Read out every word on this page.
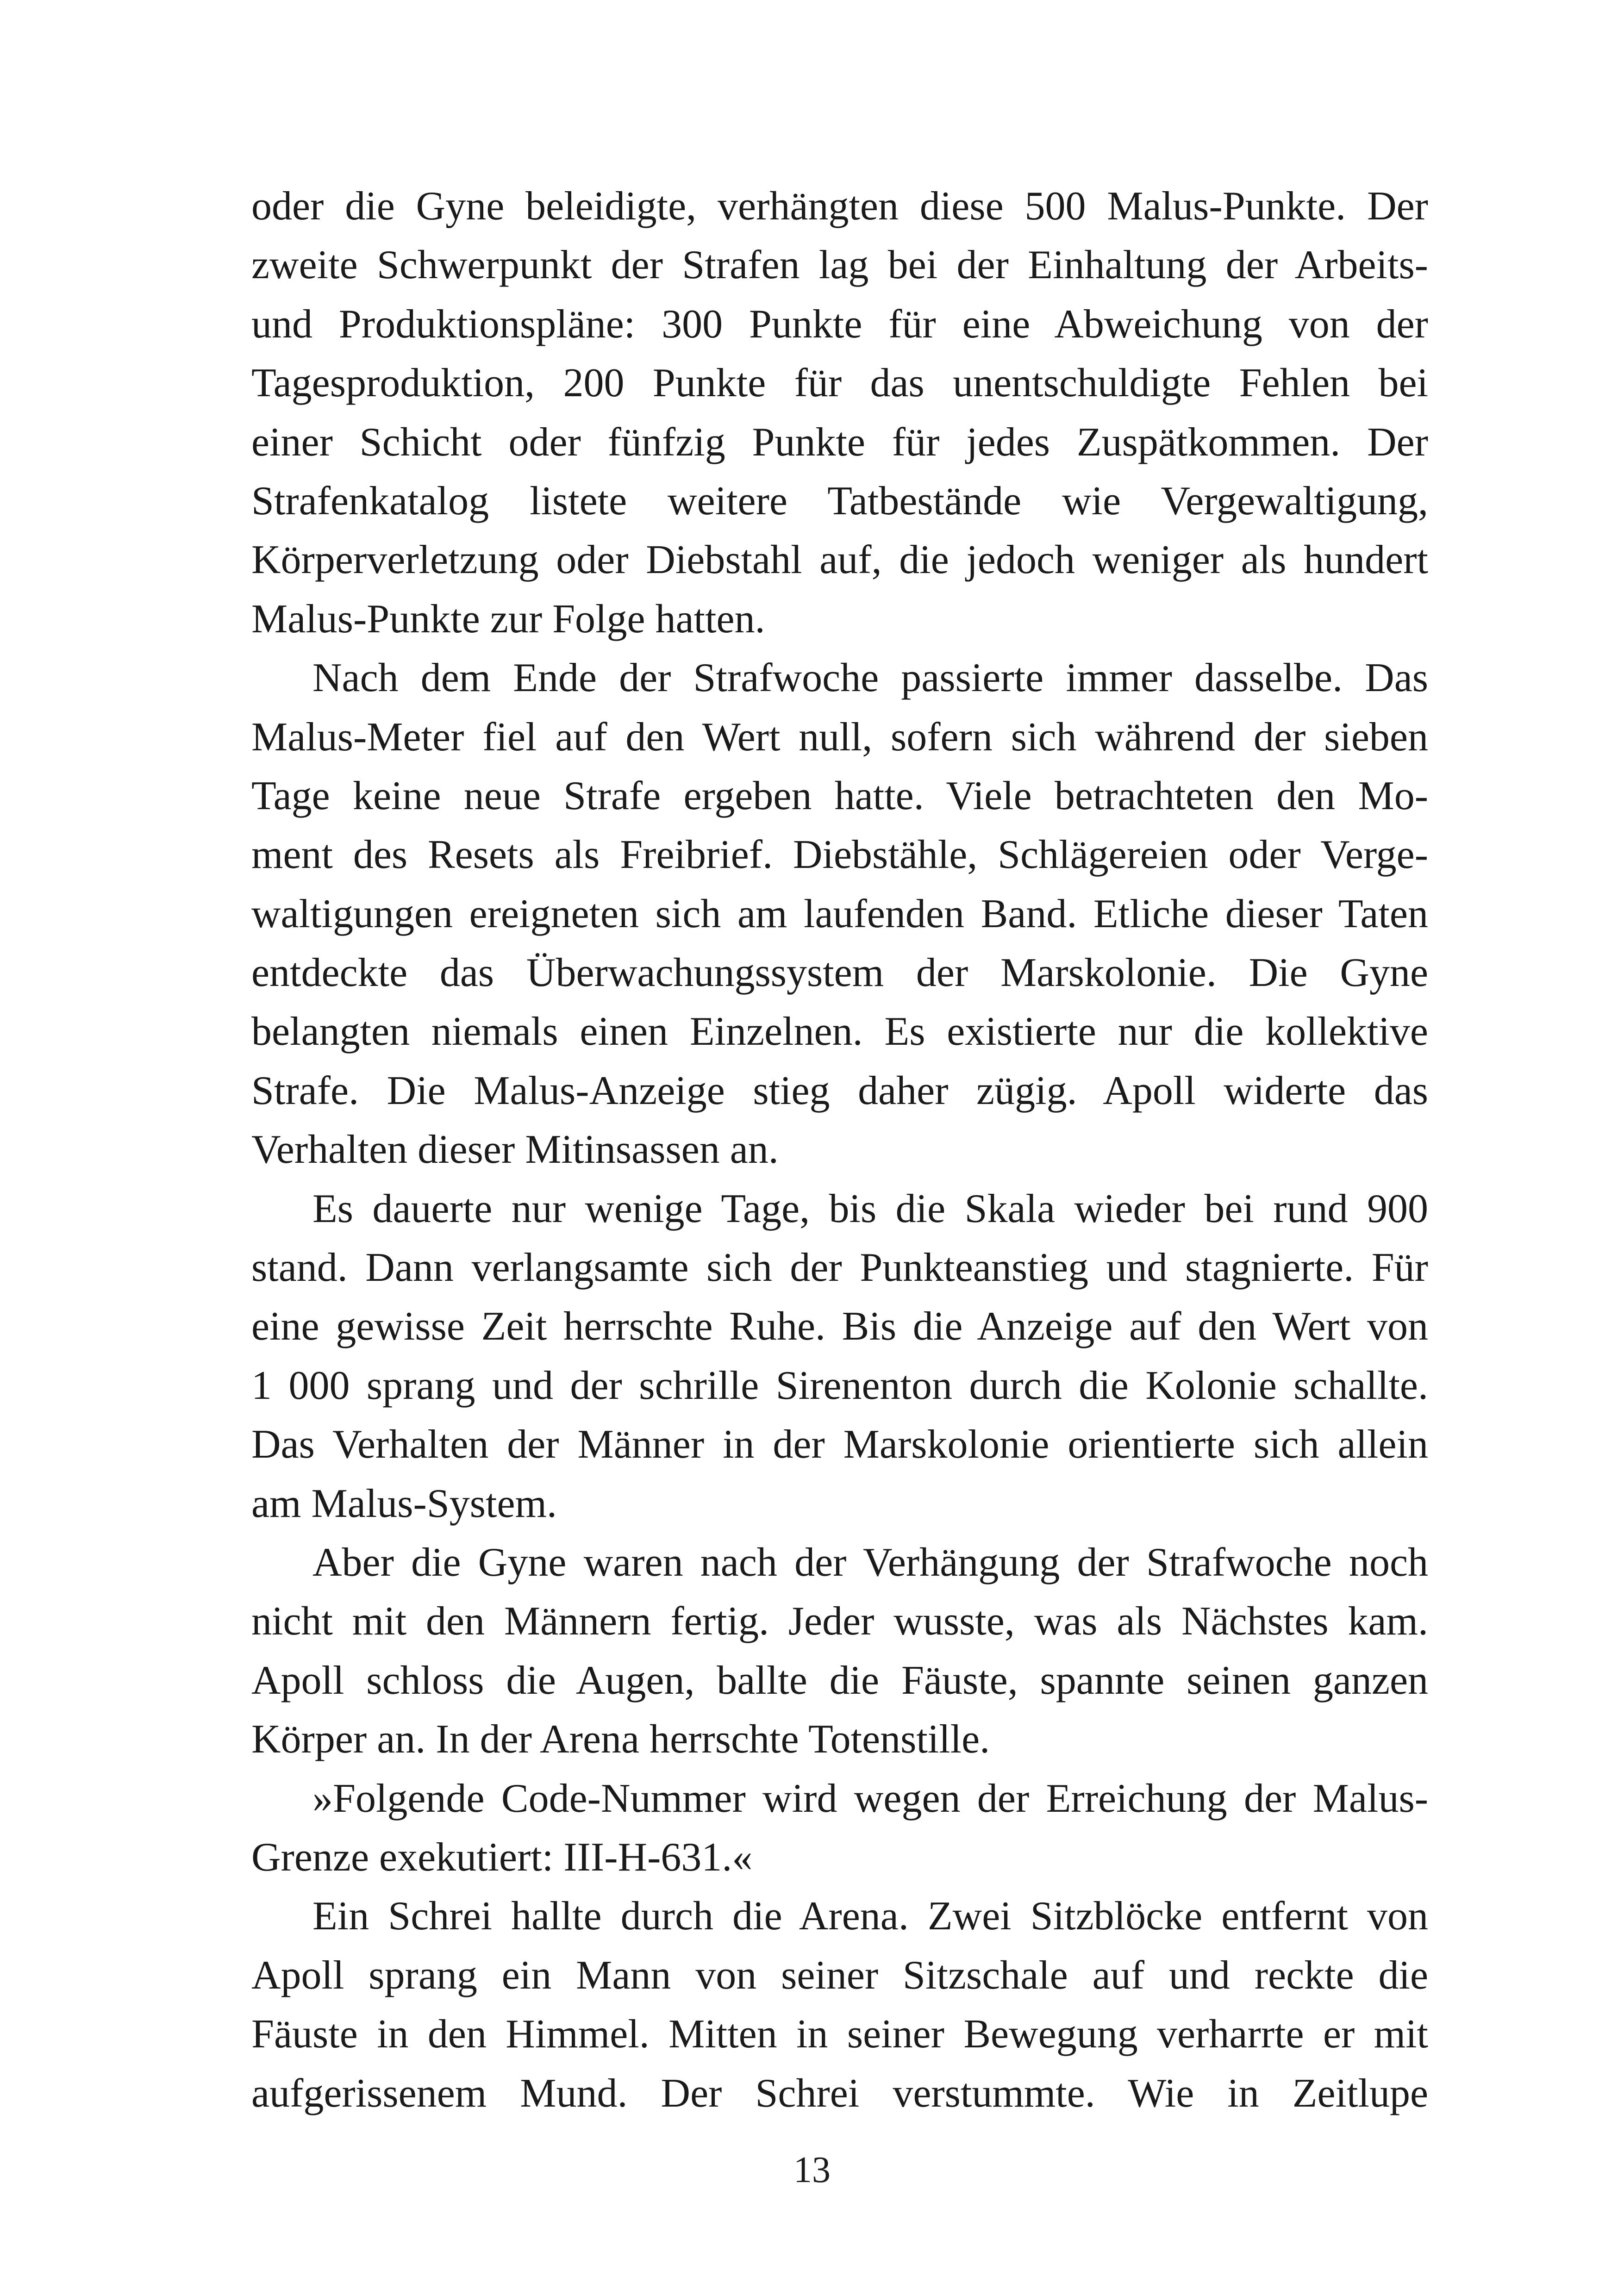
oder die Gyne beleidigte, verhängten diese 500 Malus-Punkte. Der
zweite Schwerpunkt der Strafen lag bei der Einhaltung der Arbeits-
und Produktionspläne: 300 Punkte für eine Abweichung von der
Tagesproduktion, 200 Punkte für das unentschuldigte Fehlen bei
einer Schicht oder fünfzig Punkte für jedes Zuspätkommen. Der
Strafenkatalog listete weitere Tatbestände wie Vergewaltigung,
Körperverletzung oder Diebstahl auf, die jedoch weniger als hundert
Malus-Punkte zur Folge hatten.
Nach dem Ende der Strafwoche passierte immer dasselbe. Das
Malus-Meter fiel auf den Wert null, sofern sich während der sieben
Tage keine neue Strafe ergeben hatte. Viele betrachteten den Mo-
ment des Resets als Freibrief. Diebstähle, Schlägereien oder Verge-
waltigungen ereigneten sich am laufenden Band. Etliche dieser Taten
entdeckte das Überwachungssystem der Marskolonie. Die Gyne
belangten niemals einen Einzelnen. Es existierte nur die kollektive
Strafe. Die Malus-Anzeige stieg daher zügig. Apoll widerte das
Verhalten dieser Mitinsassen an.
Es dauerte nur wenige Tage, bis die Skala wieder bei rund 900
stand. Dann verlangsamte sich der Punkteanstieg und stagnierte. Für
eine gewisse Zeit herrschte Ruhe. Bis die Anzeige auf den Wert von
1 000 sprang und der schrille Sirenenton durch die Kolonie schallte.
Das Verhalten der Männer in der Marskolonie orientierte sich allein
am Malus-System.
Aber die Gyne waren nach der Verhängung der Strafwoche noch
nicht mit den Männern fertig. Jeder wusste, was als Nächstes kam.
Apoll schloss die Augen, ballte die Fäuste, spannte seinen ganzen
Körper an. In der Arena herrschte Totenstille.
»Folgende Code-Nummer wird wegen der Erreichung der Malus-
Grenze exekutiert: III-H-631.«
Ein Schrei hallte durch die Arena. Zwei Sitzblöcke entfernt von
Apoll sprang ein Mann von seiner Sitzschale auf und reckte die
Fäuste in den Himmel. Mitten in seiner Bewegung verharrte er mit
aufgerissenem Mund. Der Schrei verstummte. Wie in Zeitlupe
13
